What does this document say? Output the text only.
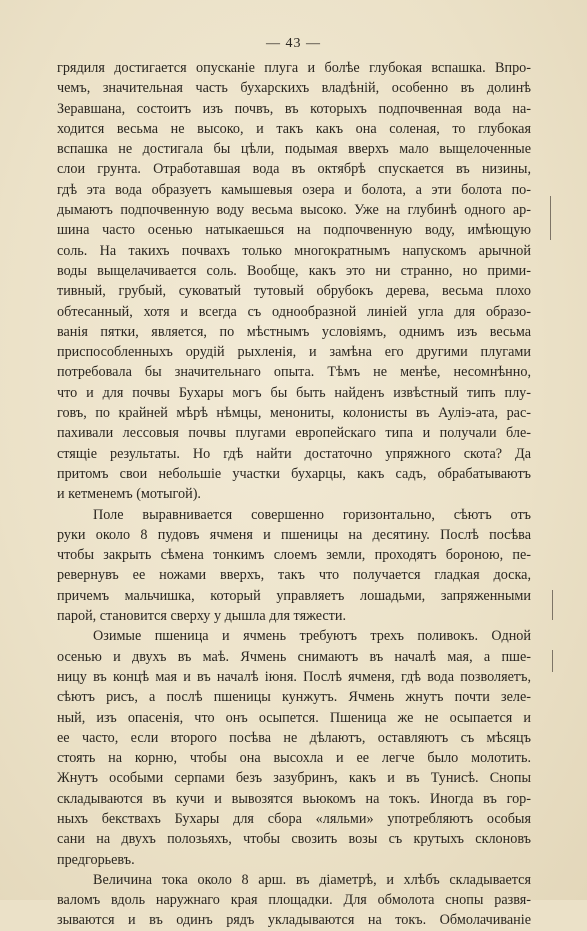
— 43 —
грядиля достигается опусканіе плуга и болѣе глубокая вспашка. Впро-
чемъ, значительная часть бухарскихъ владѣній, особенно въ долинѣ
Зеравшана, состоитъ изъ почвъ, въ которыхъ подпочвенная вода на-
ходится весьма не высоко, и такъ какъ она соленая, то глубокая
вспашка не достигала бы цѣли, подымая вверхъ мало выщелоченные
слои грунта. Отработавшая вода въ октябрѣ спускается въ низины,
гдѣ эта вода образуетъ камышевыя озера и болота, а эти болота по-
дымаютъ подпочвенную воду весьма высоко. Уже на глубинѣ одного ар-
шина часто осенью натыкаешься на подпочвенную воду, имѣющую
соль. На такихъ почвахъ только многократнымъ напускомъ арычной
воды выщелачивается соль. Вообще, какъ это ни странно, но прими-
тивный, грубый, суковатый тутовый обрубокъ дерева, весьма плохо
обтесанный, хотя и всегда съ однообразной линіей угла для образо-
ванія пятки, является, по мѣстнымъ условіямъ, однимъ изъ весьма
приспособленныхъ орудій рыхленія, и замѣна его другими плугами
потребовала бы значительнаго опыта. Тѣмъ не менѣе, несомнѣнно,
что и для почвы Бухары могъ бы быть найденъ извѣстный типъ плу-
говъ, по крайней мѣрѣ нѣмцы, менониты, колонисты въ Ауліэ-ата, рас-
пахивали лессовыя почвы плугами европейскаго типа и получали бле-
стящіе результаты. Но гдѣ найти достаточно упряжного скота? Да
притомъ свои небольшіе участки бухарцы, какъ садъ, обрабатываютъ
и кетменемъ (мотыгой).
Поле выравнивается совершенно горизонтально, сѣютъ отъ
руки около 8 пудовъ ячменя и пшеницы на десятину. Послѣ посѣва
чтобы закрыть сѣмена тонкимъ слоемъ земли, проходятъ бороною, пе-
ревернувъ ее ножами вверхъ, такъ что получается гладкая доска,
причемъ мальчишка, который управляетъ лошадьми, запряженными
парой, становится сверху у дышла для тяжести.
Озимые пшеница и ячмень требуютъ трехъ поливокъ. Одной
осенью и двухъ въ маѣ. Ячмень снимаютъ въ началѣ мая, а пше-
ницу въ концѣ мая и въ началѣ іюня. Послѣ ячменя, гдѣ вода позволяетъ,
сѣютъ рисъ, а послѣ пшеницы кунжутъ. Ячмень жнутъ почти зеле-
ный, изъ опасенія, что онъ осыпется. Пшеница же не осыпается и
ее часто, если второго посѣва не дѣлаютъ, оставляютъ съ мѣсяцъ
стоять на корню, чтобы она высохла и ее легче было молотить.
Жнутъ особыми серпами безъ зазубринъ, какъ и въ Тунисѣ. Снопы
складываются въ кучи и вывозятся вьюкомъ на токъ. Иногда въ гор-
ныхъ бекствахъ Бухары для сбора «ляльми» употребляютъ особыя
сани на двухъ полозьяхъ, чтобы свозить возы съ крутыхъ склоновъ
предгорьевъ.
Величина тока около 8 арш. въ діаметрѣ, и хлѣбъ складывается
валомъ вдоль наружнаго края площадки. Для обмолота снопы развя-
зываются и въ одинъ рядъ укладываются на токъ. Обмолачиваніе
